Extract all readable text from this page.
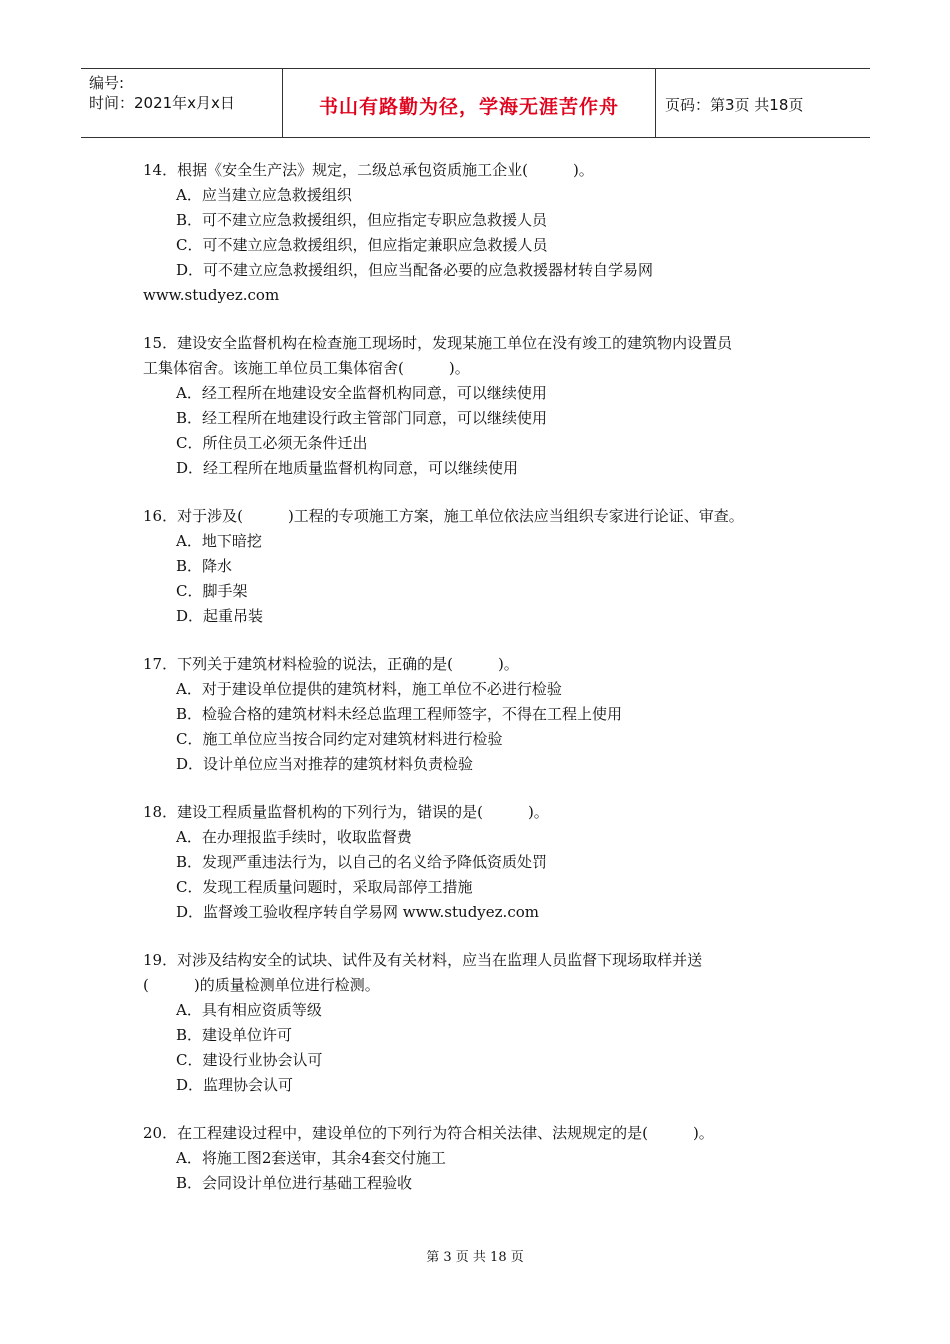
编号:
时间：2021年x月x日	书山有路勤为径，学海无涯苦作舟	页码：第3页 共18页
14．根据《安全生产法》规定，二级总承包资质施工企业(　　　)。
A．应当建立应急救援组织
B．可不建立应急救援组织，但应指定专职应急救援人员
C．可不建立应急救援组织，但应指定兼职应急救援人员
D．可不建立应急救援组织，但应当配备必要的应急救援器材转自学易网
www.studyez.com
15．建设安全监督机构在检查施工现场时，发现某施工单位在没有竣工的建筑物内设置员
工集体宿舍。该施工单位员工集体宿舍(　　　)。
A．经工程所在地建设安全监督机构同意，可以继续使用
B．经工程所在地建设行政主管部门同意，可以继续使用
C．所住员工必须无条件迁出
D．经工程所在地质量监督机构同意，可以继续使用
16．对于涉及(　　　)工程的专项施工方案，施工单位依法应当组织专家进行论证、审查。
A．地下暗挖
B．降水
C．脚手架
D．起重吊装
17．下列关于建筑材料检验的说法，正确的是(　　　)。
A．对于建设单位提供的建筑材料，施工单位不必进行检验
B．检验合格的建筑材料未经总监理工程师签字，不得在工程上使用
C．施工单位应当按合同约定对建筑材料进行检验
D．设计单位应当对推荐的建筑材料负责检验
18．建设工程质量监督机构的下列行为，错误的是(　　　)。
A．在办理报监手续时，收取监督费
B．发现严重违法行为，以自己的名义给予降低资质处罚
C．发现工程质量问题时，采取局部停工措施
D．监督竣工验收程序转自学易网 www.studyez.com
19．对涉及结构安全的试块、试件及有关材料，应当在监理人员监督下现场取样并送
(　　　)的质量检测单位进行检测。
A．具有相应资质等级
B．建设单位许可
C．建设行业协会认可
D．监理协会认可
20．在工程建设过程中，建设单位的下列行为符合相关法律、法规规定的是(　　　)。
A．将施工图2套送审，其余4套交付施工
B．会同设计单位进行基础工程验收
第 3 页 共 18 页
